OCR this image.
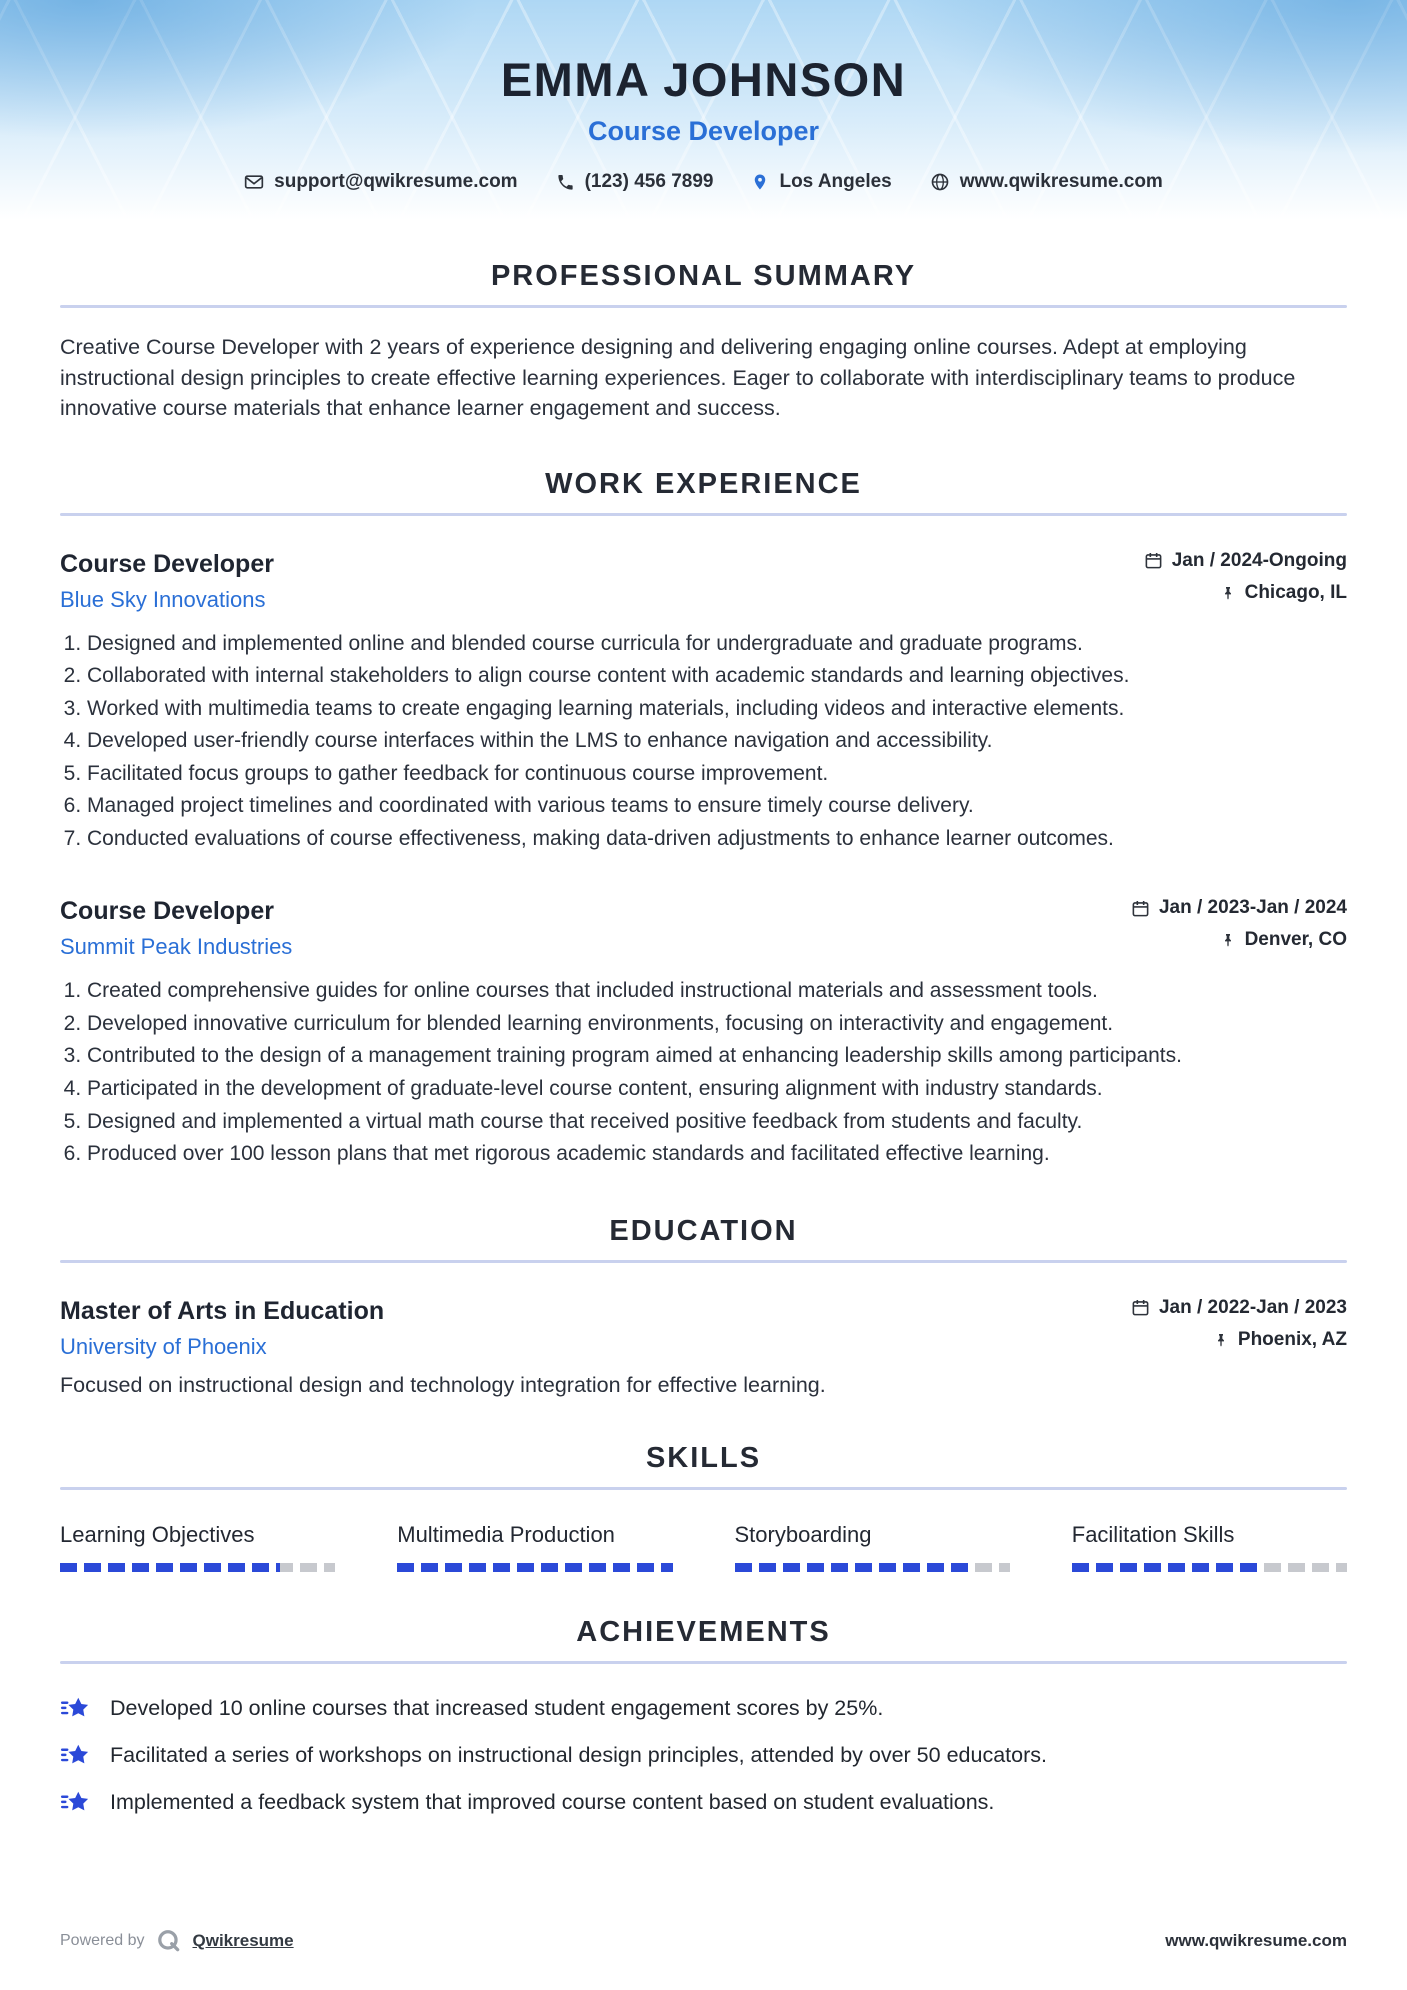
EMMA JOHNSON
Course Developer
support@qwikresume.com	(123) 456 7899	Los Angeles	www.qwikresume.com
PROFESSIONAL SUMMARY

Creative Course Developer with 2 years of experience designing and delivering engaging online courses. Adept at employing instructional design principles to create effective learning experiences. Eager to collaborate with interdisciplinary teams to produce innovative course materials that enhance learner engagement and success.

WORK EXPERIENCE
Course Developer
Blue Sky Innovations
Jan / 2024-Ongoing
Chicago, IL
1. Designed and implemented online and blended course curricula for undergraduate and graduate programs.
2. Collaborated with internal stakeholders to align course content with academic standards and learning objectives.
3. Worked with multimedia teams to create engaging learning materials, including videos and interactive elements.
4. Developed user-friendly course interfaces within the LMS to enhance navigation and accessibility.
5. Facilitated focus groups to gather feedback for continuous course improvement.
6. Managed project timelines and coordinated with various teams to ensure timely course delivery.
7. Conducted evaluations of course effectiveness, making data-driven adjustments to enhance learner outcomes.
Course Developer
Summit Peak Industries
Jan / 2023-Jan / 2024
Denver, CO
1. Created comprehensive guides for online courses that included instructional materials and assessment tools.
2. Developed innovative curriculum for blended learning environments, focusing on interactivity and engagement.
3. Contributed to the design of a management training program aimed at enhancing leadership skills among participants.
4. Participated in the development of graduate-level course content, ensuring alignment with industry standards.
5. Designed and implemented a virtual math course that received positive feedback from students and faculty.
6. Produced over 100 lesson plans that met rigorous academic standards and facilitated effective learning.
EDUCATION
Master of Arts in Education
University of Phoenix
Jan / 2022-Jan / 2023
Phoenix, AZ

Focused on instructional design and technology integration for effective learning.

SKILLS
Learning Objectives	Multimedia Production	Storyboarding	Facilitation Skills
ACHIEVEMENTS
Developed 10 online courses that increased student engagement scores by 25%.
Facilitated a series of workshops on instructional design principles, attended by over 50 educators.
Implemented a feedback system that improved course content based on student evaluations.
Powered by	Qwikresume	www.qwikresume.com
